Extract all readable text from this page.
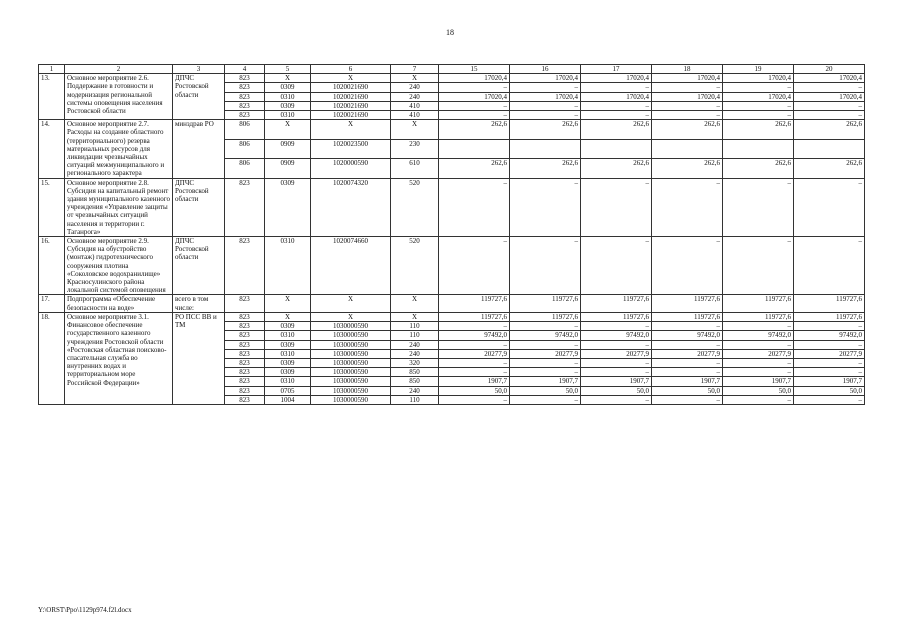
18
1	2	3	4	5	6	7	15	16	17	18	19	20
13.	Основное мероприятие 2.6. Поддержание в готовности и модернизация региональной системы оповещения населения Ростовской области	ДПЧС Ростовской области	823	X	X	X	17020,4	17020,4	17020,4	17020,4	17020,4	17020,4
			823	0309	1020021690	240	–	–	–	–	–	–
			823	0310	1020021690	240	17020,4	17020,4	17020,4	17020,4	17020,4	17020,4
			823	0309	1020021690	410	–	–	–	–	–	–
			823	0310	1020021690	410	–	–	–	–	–	–
14.	Основное мероприятие 2.7. Расходы на создание областного (территориального) резерва материальных ресурсов для ликвидации чрезвычайных ситуаций межмуниципального и регионального характера	минздрав РО	806	X	X	X	262,6	262,6	262,6	262,6	262,6	262,6
			806	0909	1020023500	230						
			806	0909	1020000590	610	262,6	262,6	262,6	262,6	262,6	262,6
15.	Основное мероприятие 2.8. Субсидия на капитальный ремонт здания муниципального казенного учреждения «Управление защиты от чрезвычайных ситуаций населения и территории г. Таганрога»	ДПЧС Ростовской области	823	0309	1020074320	520	–	–	–	–	–	–
16.	Основное мероприятие 2.9. Субсидия на обустройство (монтаж) гидротехнического сооружения плотина «Соколовское водохранилище» Красносулинского района локальной системой оповещения	ДПЧС Ростовской области	823	0310	1020074660	520	–	–	–	–	–	–
17.	Подпрограмма «Обеспечение безопасности на воде»	всего в том числе:	823	X	X	X	119727,6	119727,6	119727,6	119727,6	119727,6	119727,6
18.	Основное мероприятие 3.1. Финансовое обеспечение государственного казенного учреждения Ростовской области «Ростовская областная поисково-спасательная служба во внутренних водах и территориальном море Российской Федерации»	РО ПСС ВВ и ТМ	823	X	X	X	119727,6	119727,6	119727,6	119727,6	119727,6	119727,6
			823	0309	1030000590	110	–	–	–	–	–	–
			823	0310	1030000590	110	97492,0	97492,0	97492,0	97492,0	97492,0	97492,0
			823	0309	1030000590	240	–	–	–	–	–	–
			823	0310	1030000590	240	20277,9	20277,9	20277,9	20277,9	20277,9	20277,9
			823	0309	1030000590	320	–	–	–	–	–	–
			823	0309	1030000590	850	–	–	–	–	–	–
			823	0310	1030000590	850	1907,7	1907,7	1907,7	1907,7	1907,7	1907,7
			823	0705	1030000590	240	50,0	50,0	50,0	50,0	50,0	50,0
			823	1004	1030000590	110	–	–	–	–	–	–
Y:\ORST\Ppo\1129p974.f2l.docx
